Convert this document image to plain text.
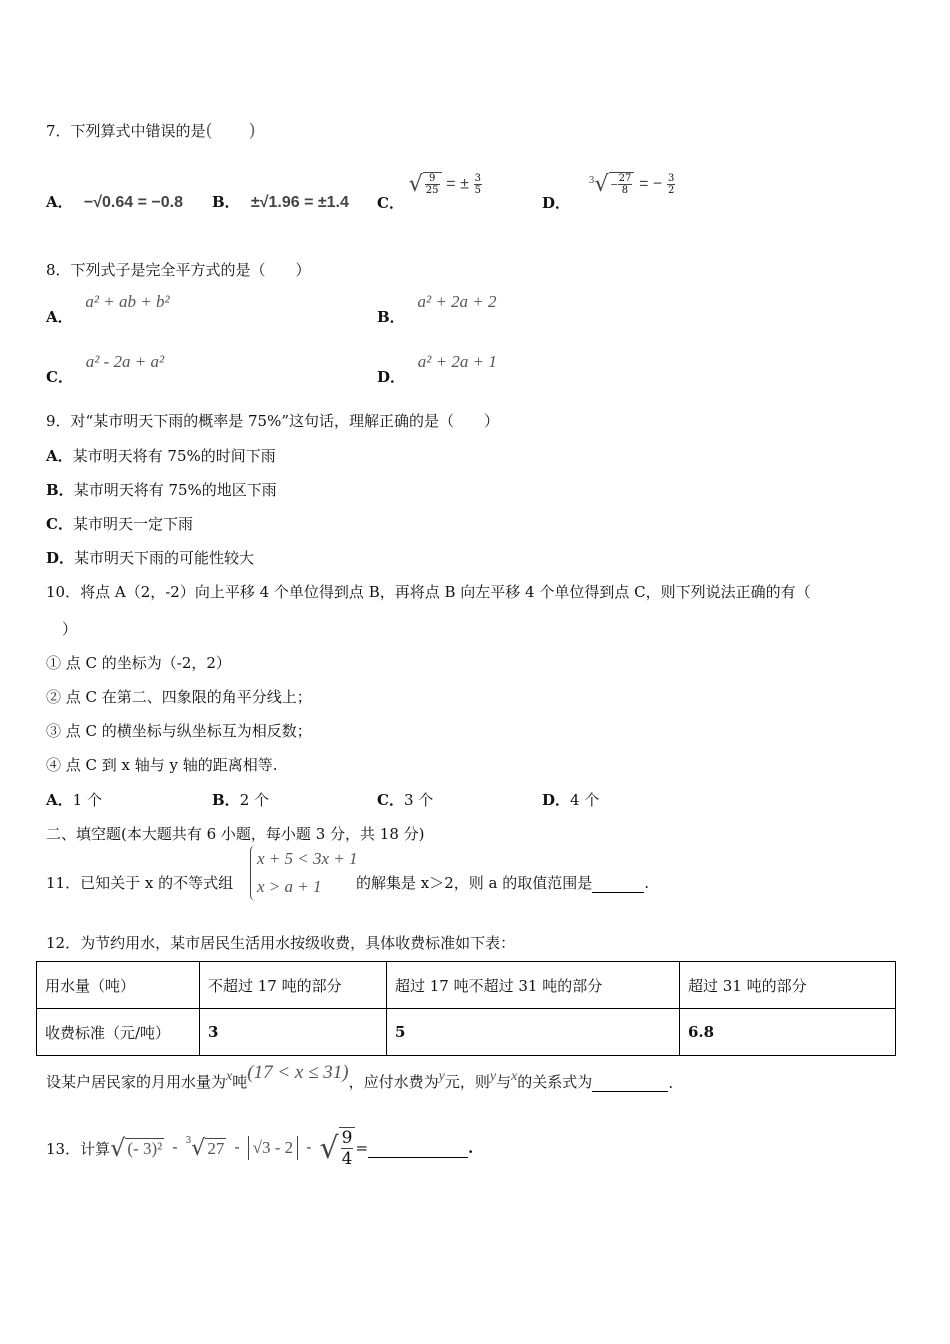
7．下列算式中错误的是(　　)
A． −√0.64 = −0.8 B． ±√1.96 = ±1.4 C． √ $\frac{9}{25}$ = ± $\frac{3}{5}$
D． $^3√ - \frac{27}{8}$ = − $\frac{3}{2}$
8．下列式子是完全平方式的是（　　）
A． a² + ab + b²
B． a² + 2a + 2
C． a² - 2a + a²
D． a² + 2a + 1
9．对“某市明天下雨的概率是 75%”这句话，理解正确的是（　　）
A．某市明天将有 75%的时间下雨
B．某市明天将有 75%的地区下雨
C．某市明天一定下雨
D．某市明天下雨的可能性较大
10．将点 A（2，-2）向上平移 4 个单位得到点 B，再将点 B 向左平移 4 个单位得到点 C，则下列说法正确的有（
）
① 点 C 的坐标为（-2，2）
② 点 C 在第二、四象限的角平分线上；
③ 点 C 的横坐标与纵坐标互为相反数；
④ 点 C 到 x 轴与 y 轴的距离相等.
A．1 个	B．2 个	C．3 个	D．4 个
二、填空题(本大题共有 6 小题，每小题 3 分，共 18 分)
11．已知关于 x 的不等式组
x + 5 < 3x + 1
x > a + 1	的解集是 x＞2，则 a 的取值范围是	.
12．为节约用水，某市居民生活用水按级收费，具体收费标准如下表：
用水量（吨）	不超过 17 吨的部分	超过 17 吨不超过 31 吨的部分	超过 31 吨的部分
收费标准（元/吨）	3	5	6.8
设某户居民家的月用水量为x吨(17 < x ≤ 31)，应付水费为y元，则y与x的关系式为	.
13．计算 √ (- 3)² - $^3$ √ 27 - √3 - 2 - √ $\frac{9}{4}$ =
	.
